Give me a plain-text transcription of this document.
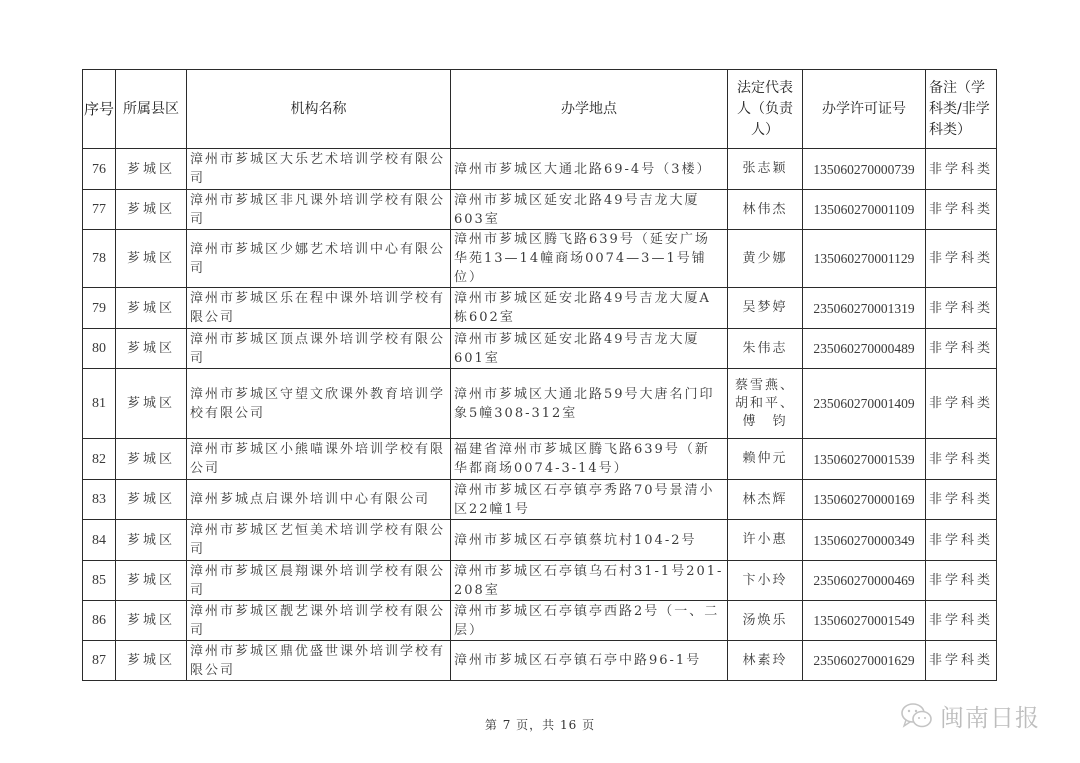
序号	所属县区	机构名称	办学地点	法定代表人（负责人）	办学许可证号	备注（学科类/非学科类）
76	芗城区	漳州市芗城区大乐艺术培训学校有限公司	漳州市芗城区大通北路69-4号（3楼）	张志颖	135060270000739	非学科类
77	芗城区	漳州市芗城区非凡课外培训学校有限公司	漳州市芗城区延安北路49号吉龙大厦603室	林伟杰	135060270001109	非学科类
78	芗城区	漳州市芗城区少娜艺术培训中心有限公司	漳州市芗城区腾飞路639号（延安广场华苑13—14幢商场0074—3—1号铺位）	黄少娜	135060270001129	非学科类
79	芗城区	漳州市芗城区乐在程中课外培训学校有限公司	漳州市芗城区延安北路49号吉龙大厦A栋602室	吴梦婷	235060270001319	非学科类
80	芗城区	漳州市芗城区顶点课外培训学校有限公司	漳州市芗城区延安北路49号吉龙大厦601室	朱伟志	235060270000489	非学科类
81	芗城区	漳州市芗城区守望文欣课外教育培训学校有限公司	漳州市芗城区大通北路59号大唐名门印象5幢308-312室	蔡雪燕、胡和平、傅　钧	235060270001409	非学科类
82	芗城区	漳州市芗城区小熊喵课外培训学校有限公司	福建省漳州市芗城区腾飞路639号（新华都商场0074-3-14号）	赖仲元	135060270001539	非学科类
83	芗城区	漳州芗城点启课外培训中心有限公司	漳州市芗城区石亭镇亭秀路70号景清小区22幢1号	林杰辉	135060270000169	非学科类
84	芗城区	漳州市芗城区艺恒美术培训学校有限公司	漳州市芗城区石亭镇蔡坑村104-2号	许小惠	135060270000349	非学科类
85	芗城区	漳州市芗城区晨翔课外培训学校有限公司	漳州市芗城区石亭镇乌石村31-1号201-208室	卞小玲	235060270000469	非学科类
86	芗城区	漳州市芗城区靓艺课外培训学校有限公司	漳州市芗城区石亭镇亭西路2号（一、二层）	汤焕乐	135060270001549	非学科类
87	芗城区	漳州市芗城区鼎优盛世课外培训学校有限公司	漳州市芗城区石亭镇石亭中路96-1号	林素玲	235060270001629	非学科类
第 7 页，共 16 页	闽南日报
